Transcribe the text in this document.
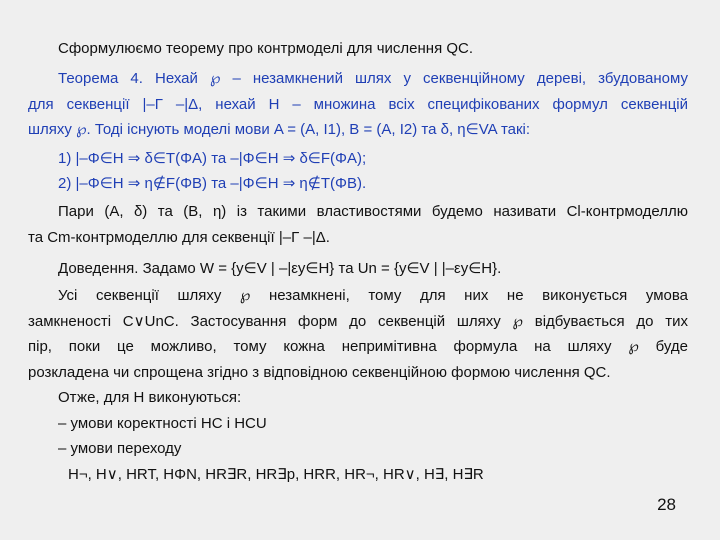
Сформулюємо теорему про контрмоделі для числення QC.
Теорема 4. Нехай ℘ – незамкнений шлях у секвенційному дереві, збудованому
для секвенції |–Γ –|Δ, нехай H – множина всіх специфікованих формул секвенцій
шляху ℘. Тоді існують моделі мови A = (A, I1), B = (A, I2) та δ, η∈VA такі:
1) |–Φ∈H ⇒ δ∈T(ΦA) та –|Φ∈H ⇒ δ∈F(ΦA);
2) |–Φ∈H ⇒ η∉F(ΦB) та –|Φ∈H ⇒ η∉T(ΦB).
Пари (A, δ) та (B, η) із такими властивостями будемо називати Cl-контрмоделлю
та Cm-контрмоделлю для секвенції |–Γ –|Δ.
Доведення. Задамо W = {y∈V | –|εy∈H} та Un = {y∈V | |–εy∈H}.
Усі секвенції шляху ℘ незамкнені, тому для них не виконується умова
замкненості C∨UnC. Застосування форм до секвенцій шляху ℘ відбувається до тих
пір, поки це можливо, тому кожна непримітивна формула на шляху ℘ буде
розкладена чи спрощена згідно з відповідною секвенційною формою числення QC.
Отже, для H виконуються:
– умови коректності HC і HCU
– умови переходу
H¬, H∨, HRT, HΦN, HR∃R, HR∃p, HRR, HR¬, HR∨, H∃, H∃R
28
